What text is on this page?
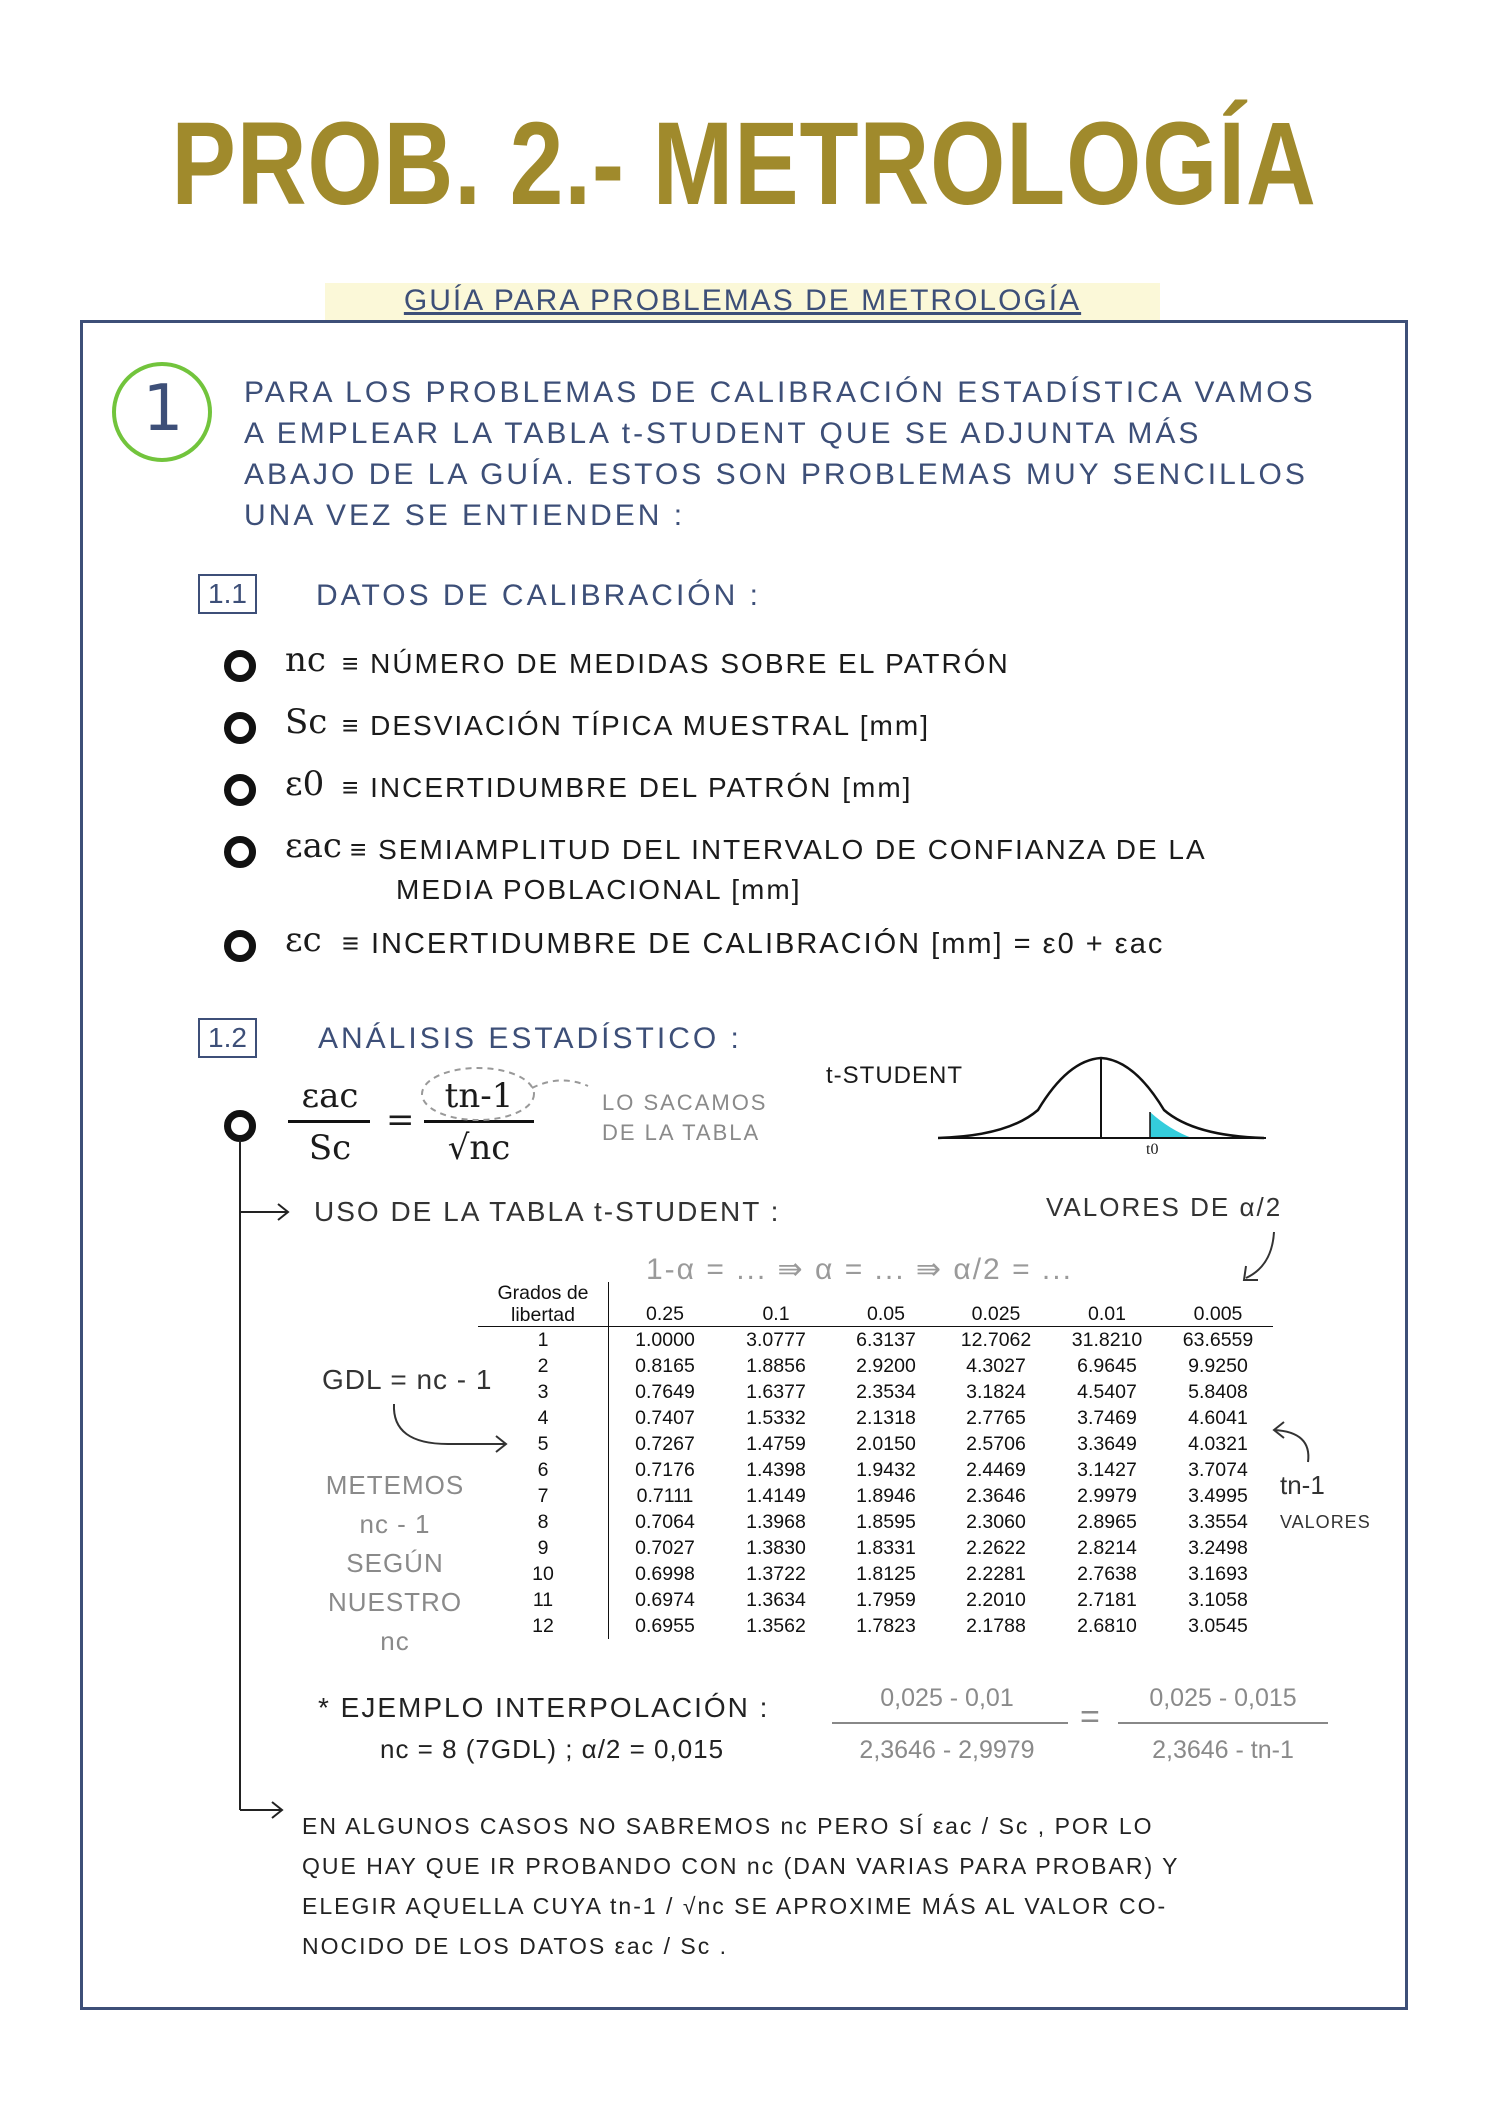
PROB. 2.- METROLOGÍA
GUÍA PARA PROBLEMAS DE METROLOGÍA
1	PARA LOS PROBLEMAS DE CALIBRACIÓN ESTADÍSTICA VAMOS
A EMPLEAR LA TABLA t-STUDENT QUE SE ADJUNTA MÁS
ABAJO DE LA GUÍA. ESTOS SON PROBLEMAS MUY SENCILLOS
UNA VEZ SE ENTIENDEN :
1.1	DATOS DE CALIBRACIÓN :
nc ≡ NÚMERO DE MEDIDAS SOBRE EL PATRÓN
Sc ≡ DESVIACIÓN TÍPICA MUESTRAL [mm]
ε0 ≡ INCERTIDUMBRE DEL PATRÓN [mm]
εac ≡ SEMIAMPLITUD DEL INTERVALO DE CONFIANZA DE LA
MEDIA POBLACIONAL [mm]
εc ≡ INCERTIDUMBRE DE CALIBRACIÓN [mm] = ε0 + εac
1.2	ANÁLISIS ESTADÍSTICO :
εac
Sc
=
tn-1
√nc
LO SACAMOS DE LA TABLA
t-STUDENT
t0
USO DE LA TABLA t-STUDENT :	VALORES DE α/2
1-α = ... ⇛ α = ... ⇛ α/2 = ...
GDL = nc - 1
METEMOS
nc - 1
SEGÚN
NUESTRO
nc
tn-1
VALORES
Grados de
libertad	0.25	0.1	0.05	0.025	0.01	0.005
1	1.0000	3.0777	6.3137	12.7062	31.8210	63.6559
2	0.8165	1.8856	2.9200	4.3027	6.9645	9.9250
3	0.7649	1.6377	2.3534	3.1824	4.5407	5.8408
4	0.7407	1.5332	2.1318	2.7765	3.7469	4.6041
5	0.7267	1.4759	2.0150	2.5706	3.3649	4.0321
6	0.7176	1.4398	1.9432	2.4469	3.1427	3.7074
7	0.7111	1.4149	1.8946	2.3646	2.9979	3.4995
8	0.7064	1.3968	1.8595	2.3060	2.8965	3.3554
9	0.7027	1.3830	1.8331	2.2622	2.8214	3.2498
10	0.6998	1.3722	1.8125	2.2281	2.7638	3.1693
11	0.6974	1.3634	1.7959	2.2010	2.7181	3.1058
12	0.6955	1.3562	1.7823	2.1788	2.6810	3.0545
* EJEMPLO INTERPOLACIÓN :
nc = 8 (7GDL) ; α/2 = 0,015
0,025 - 0,01
2,3646 - 2,9979
=	0,025 - 0,015
2,3646 - tn-1
EN ALGUNOS CASOS NO SABREMOS nc PERO SÍ εac / Sc , POR LO
QUE HAY QUE IR PROBANDO CON nc (DAN VARIAS PARA PROBAR) Y
ELEGIR AQUELLA CUYA tn-1 / √nc SE APROXIME MÁS AL VALOR CO-
NOCIDO DE LOS DATOS εac / Sc .
